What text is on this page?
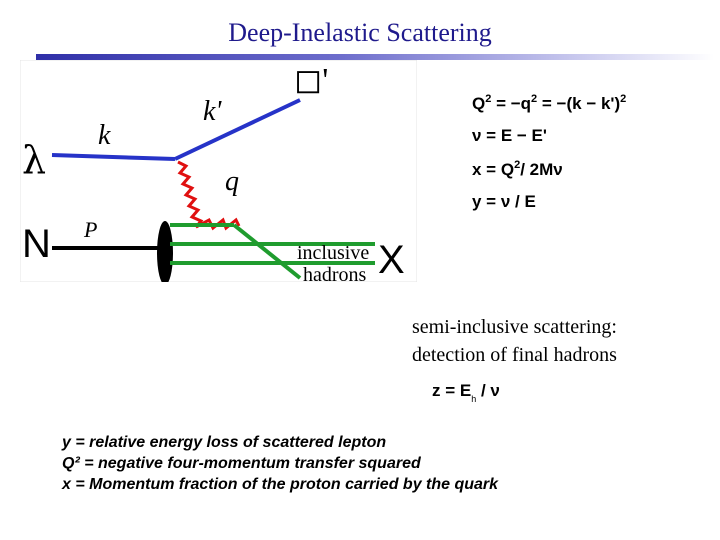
Deep-Inelastic Scattering
λ
k
k'
◻'
q
P
N	inclusive
hadrons X
$Q^2 = -q^2 = -(k - k')^2$
ν = E − E'
$x = Q^2/$ 2Mν
y = ν / E
semi-inclusive scattering:
detection of final hadrons
$z = E_h / \nu$
y = relative energy loss of scattered lepton
Q² = negative four-momentum transfer squared
x = Momentum fraction of the proton carried by the quark
